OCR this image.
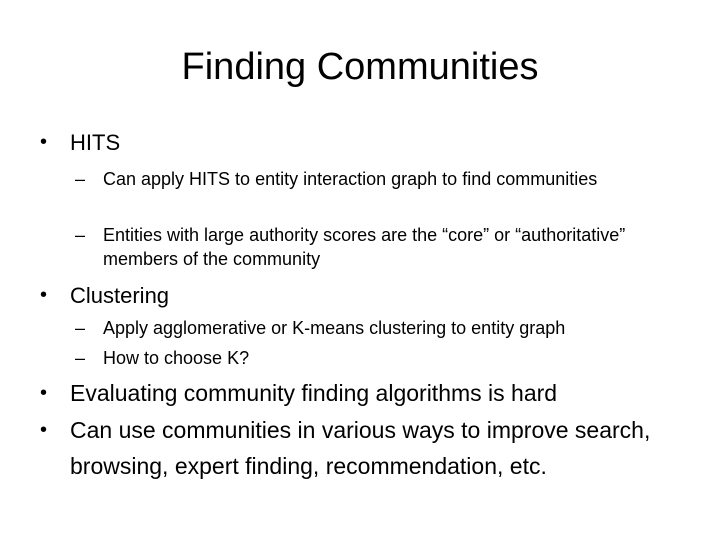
Finding Communities
•	HITS
– Can apply HITS to entity interaction graph to find communities
– Entities with large authority scores are the “core” or “authoritative” members of the community
•	Clustering
– Apply agglomerative or K-means clustering to entity graph
– How to choose K?
• Evaluating community finding algorithms is hard
• Can use communities in various ways to improve search, browsing, expert finding, recommendation, etc.
